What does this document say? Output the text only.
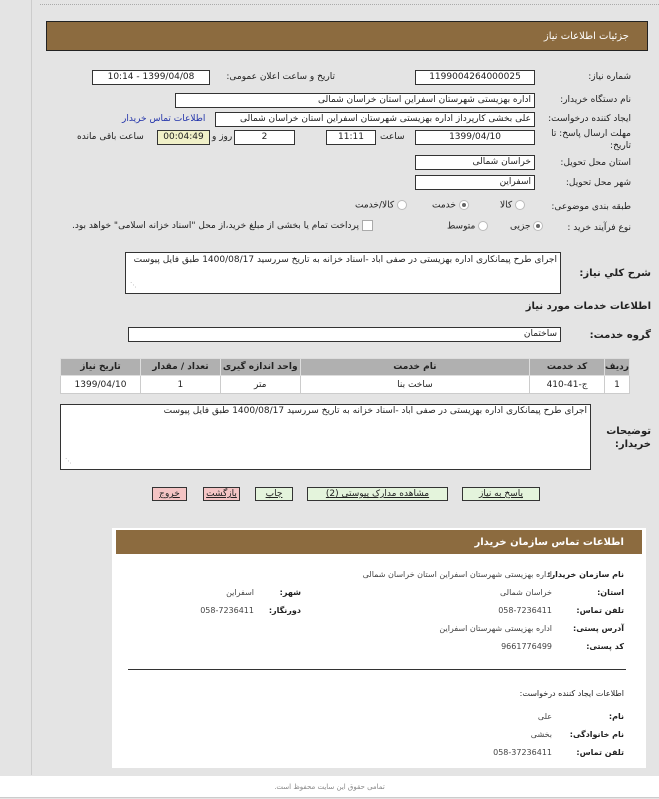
جزئیات اطلاعات نیاز
شماره نیاز:
1199004264000025
تاریخ و ساعت اعلان عمومی:
1399/04/08 - 10:14
نام دستگاه خریدار:
اداره بهزیستی شهرستان اسفراین استان خراسان شمالی
ایجاد کننده درخواست:
علی بخشی کارپرداز اداره بهزیستی شهرستان اسفراین استان خراسان شمالی
اطلاعات تماس خریدار
مهلت ارسال پاسخ: تا تاریخ:
1399/04/10
ساعت
11:11
2
روز و
00:04:49
ساعت باقی مانده
استان محل تحویل:
خراسان شمالی
شهر محل تحویل:
اسفراین
طبقه بندی موضوعی:
کالا
خدمت
کالا/خدمت
نوع فرآیند خرید :
جزیی
متوسط
پرداخت تمام یا بخشی از مبلغ خرید،از محل "اسناد خزانه اسلامی" خواهد بود.
شرح کلي نياز:
اجرای طرح پیمانکاری اداره بهزیستی در صفی اباد -اسناد خزانه به تاریخ سررسید 1400/08/17 طبق فایل پیوست
⋰
اطلاعات خدمات مورد نیاز
گروه خدمت:
ساختمان
ردیف	کد خدمت	نام خدمت	واحد اندازه گیری	تعداد / مقدار	تاریخ نیاز
1	ج-41-410	ساخت بنا	متر	1	1399/04/10
توضیحات خریدار:
اجرای طرح پیمانکاری اداره بهزیستی در صفی اباد -اسناد خزانه به تاریخ سررسید 1400/08/17 طبق فایل پیوست
⋰
پاسخ به نیاز
مشاهده مدارک پیوستی (2)
چاپ
بازگشت
خروج
اطلاعات تماس سازمان خریدار
نام سازمان خریدار:
اداره بهزیستی شهرستان اسفراین استان خراسان شمالی
استان:
خراسان شمالی
شهر:
اسفراین
تلفن تماس:
058-7236411
دورنگار:
058-7236411
آدرس پستی:
اداره بهزیستی شهرستان اسفراین
کد پستی:
9661776499
اطلاعات ایجاد کننده درخواست:
نام:
علی
نام خانوادگی:
بخشی
تلفن تماس:
058-37236411
تمامی حقوق این سایت محفوظ است.
